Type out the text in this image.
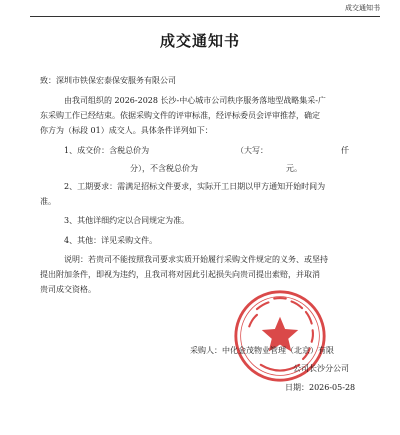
成交通知书
成交通知书
致：深圳市铁保宏泰保安服务有限公司
由我司组织的 2026-2028 长沙-中心城市公司秩序服务落地型战略集采-广
东采购工作已经结束。依据采购文件的评审标准，经评标委员会评审推荐，确定
你方为（标段 01）成交人。具体条件详列如下：
1、成交价：含税总价为	（大写：	仟
分），不含税总价为	元。
2、工期要求：需满足招标文件要求，实际开工日期以甲方通知开始时间为
准。
3、其他详细约定以合同规定为准。
4、其他：详见采购文件。
说明：若贵司不能按照我司要求实质开始履行采购文件规定的义务、或坚持
提出附加条件，即视为违约，且我司将对因此引起损失向贵司提出索赔，并取消
贵司成交资格。
采购人：中化金茂物业管理（北京）有限
公司长沙分公司
日期：2026-05-28
